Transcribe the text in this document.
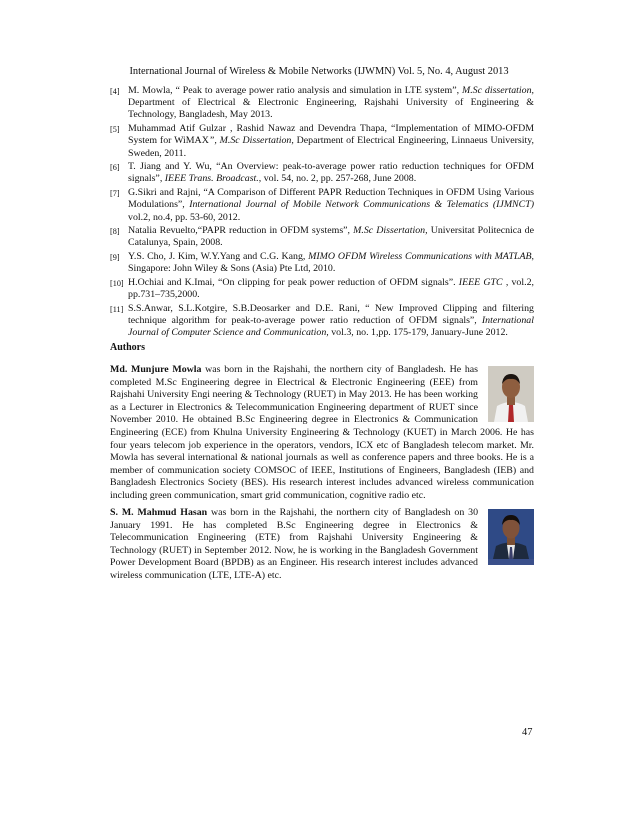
International Journal of Wireless & Mobile Networks (IJWMN) Vol. 5, No. 4, August 2013
[4] M. Mowla, “ Peak to average power ratio analysis and simulation in LTE system”, M.Sc dissertation, Department of Electrical & Electronic Engineering, Rajshahi University of Engineering & Technology, Bangladesh, May 2013.
[5] Muhammad Atif Gulzar , Rashid Nawaz and Devendra Thapa, “Implementation of MIMO-OFDM System for WiMAX”, M.Sc Dissertation, Department of Electrical Engineering, Linnaeus University, Sweden, 2011.
[6] T. Jiang and Y. Wu, “An Overview: peak-to-average power ratio reduction techniques for OFDM signals”, IEEE Trans. Broadcast., vol. 54, no. 2, pp. 257-268, June 2008.
[7] G.Sikri and Rajni, “A Comparison of Different PAPR Reduction Techniques in OFDM Using Various Modulations”, International Journal of Mobile Network Communications & Telematics (IJMNCT) vol.2, no.4, pp. 53-60, 2012.
[8] Natalia Revuelto,“PAPR reduction in OFDM systems”, M.Sc Dissertation, Universitat Politecnica de Catalunya, Spain, 2008.
[9] Y.S. Cho, J. Kim, W.Y.Yang and C.G. Kang, MIMO OFDM Wireless Communications with MATLAB, Singapore: John Wiley & Sons (Asia) Pte Ltd, 2010.
[10] H.Ochiai and K.Imai, “On clipping for peak power reduction of OFDM signals”. IEEE GTC , vol.2, pp.731–735,2000.
[11] S.S.Anwar, S.L.Kotgire, S.B.Deosarker and D.E. Rani, “ New Improved Clipping and filtering technique algorithm for peak-to-average power ratio reduction of OFDM signals”, International Journal of Computer Science and Communication, vol.3, no. 1,pp. 175-179, January-June 2012.
Authors
Md. Munjure Mowla was born in the Rajshahi, the northern city of Bangladesh. He has completed M.Sc Engineering degree in Electrical & Electronic Engineering (EEE) from Rajshahi University Engi neering & Technology (RUET) in May 2013. He has been working as a Lecturer in Electronics & Telecommunication Engineering department of RUET since November 2010. He obtained B.Sc Engineering degree in Electronics & Communication Engineering (ECE) from Khulna University Engineering & Technology (KUET) in March 2006. He has four years telecom job experience in the operators, vendors, ICX etc of Bangladesh telecom market. Mr. Mowla has several international & national journals as well as conference papers and three books. He is a member of communication society COMSOC of IEEE, Institutions of Engineers, Bangladesh (IEB) and Bangladesh Electronics Society (BES). His research interest includes advanced wireless communication including green communication, smart grid communication, cognitive radio etc.
S. M. Mahmud Hasan was born in the Rajshahi, the northern city of Bangladesh on 30 January 1991. He has completed B.Sc Engineering degree in Electronics & Telecommunication Engineering (ETE) from Rajshahi University Engineering & Technology (RUET) in September 2012. Now, he is working in the Bangladesh Government Power Development Board (BPDB) as an Engineer. His research interest includes advanced wireless communication (LTE, LTE-A) etc.
47
